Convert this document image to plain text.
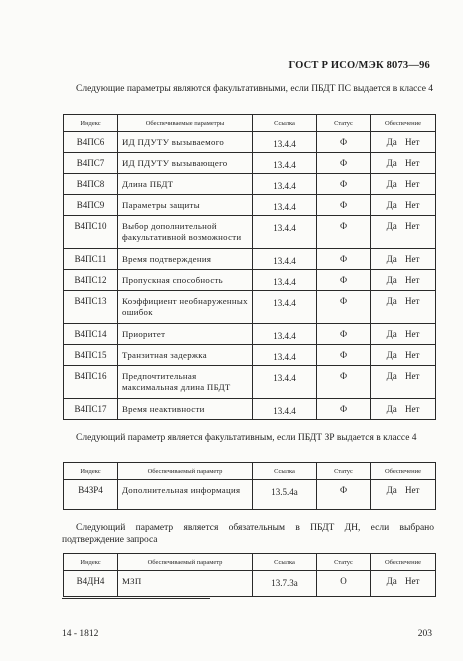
ГОСТ Р ИСО/МЭК 8073—96
Следующие параметры являются факультативными, если ПБДТ ПС выдается в классе 4
Индекс	Обеспечиваемые параметры	Ссылка	Статус	Обеспечение
В4ПС6	ИД ПДУТУ вызываемого	13.4.4	Ф	Да Нет
В4ПС7	ИД ПДУТУ вызывающего	13.4.4	Ф	Да Нет
В4ПС8	Длина ПБДТ	13.4.4	Ф	Да Нет
В4ПС9	Параметры защиты	13.4.4	Ф	Да Нет
В4ПС10	Выбор дополнительной факультативной возможности	13.4.4	Ф	Да Нет
В4ПС11	Время подтверждения	13.4.4	Ф	Да Нет
В4ПС12	Пропускная способность	13.4.4	Ф	Да Нет
В4ПС13	Коэффициент необнаруженных ошибок	13.4.4	Ф	Да Нет
В4ПС14	Приоритет	13.4.4	Ф	Да Нет
В4ПС15	Транзитная задержка	13.4.4	Ф	Да Нет
В4ПС16	Предпочтительная максимальная длина ПБДТ	13.4.4	Ф	Да Нет
В4ПС17	Время неактивности	13.4.4	Ф	Да Нет
Следующий параметр является факультативным, если ПБДТ ЗР выдается в классе 4
Индекс	Обеспечиваемый параметр	Ссылка	Статус	Обеспечение
В4ЗР4	Дополнительная информация	13.5.4а	Ф	Да Нет
Следующий параметр является обязательным в ПБДТ ДН, если выбрано подтверждение запроса
Индекс	Обеспечиваемый параметр	Ссылка	Статус	Обеспечение
В4ДН4	МЗП	13.7.3а	О	Да Нет
14 - 1812	203
